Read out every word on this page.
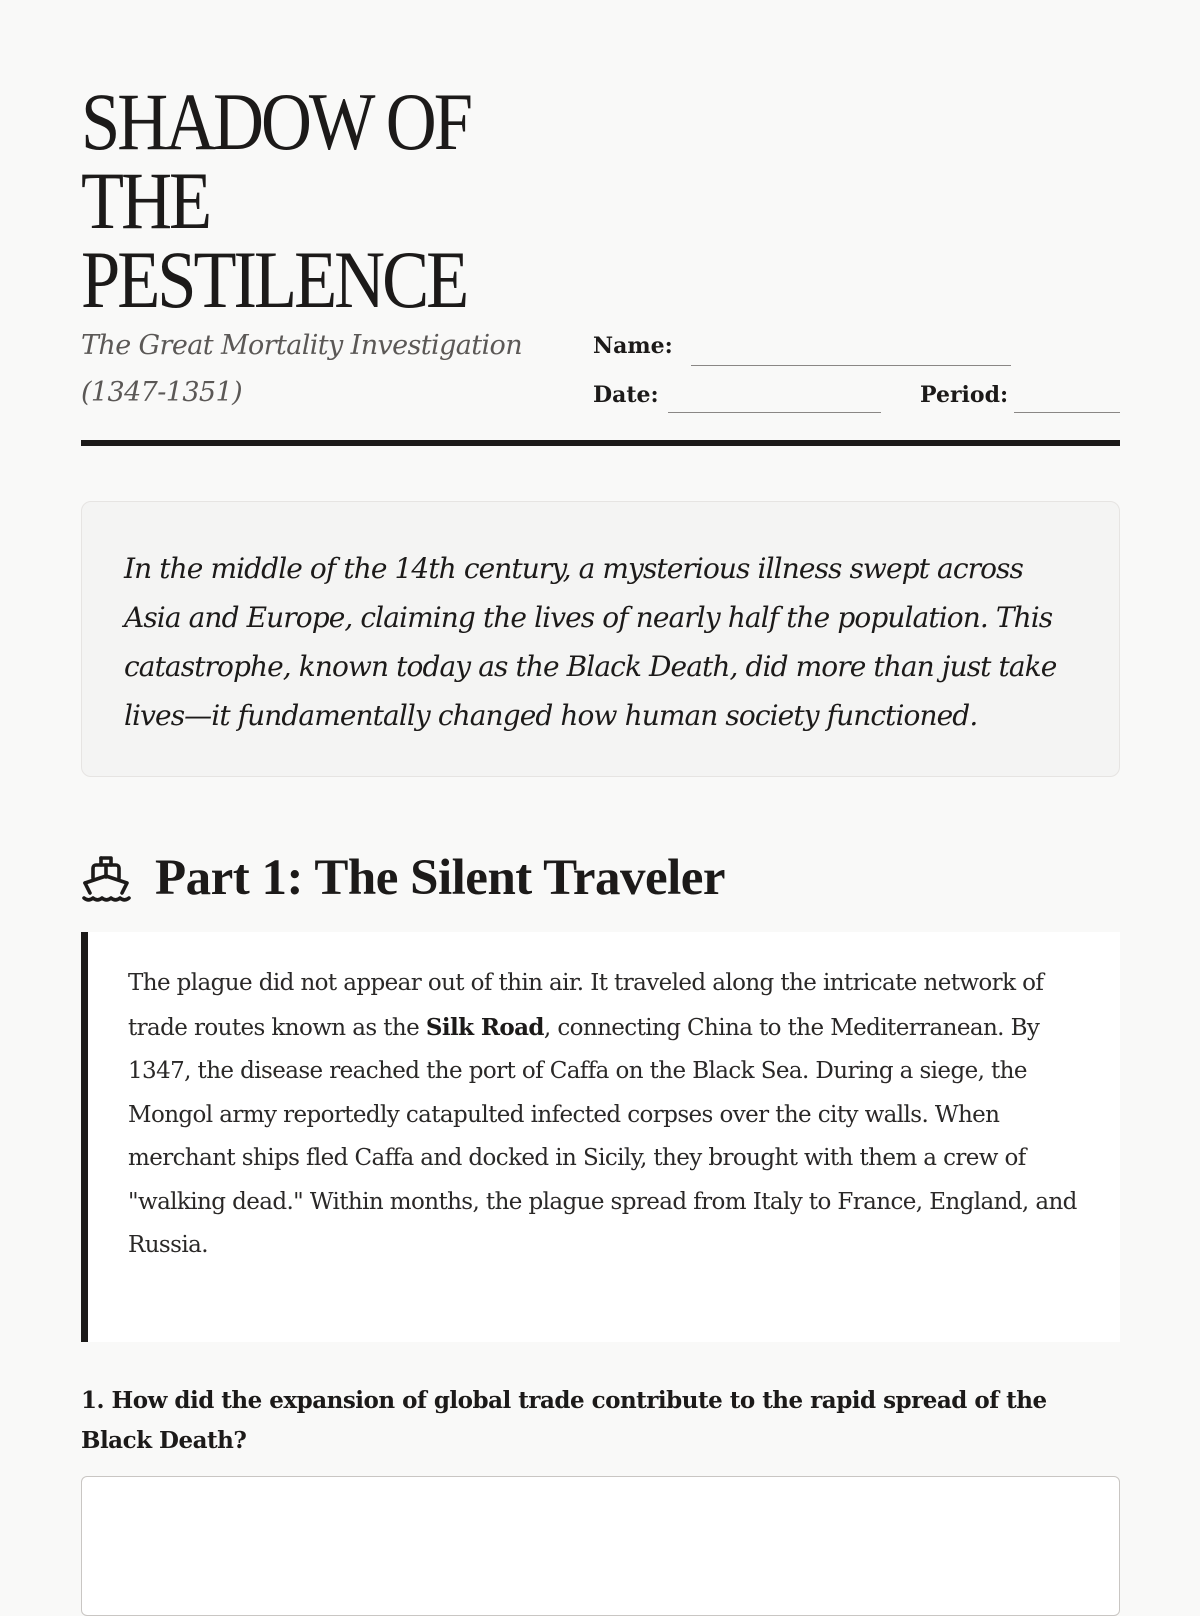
SHADOW OF
THE
PESTILENCE

The Great Mortality Investigation (1347-1351)

Name:
Date:	Period:

In the middle of the 14th century, a mysterious illness swept across Asia and Europe, claiming the lives of nearly half the population. This catastrophe, known today as the Black Death, did more than just take lives—it fundamentally changed how human society functioned.

Part 1: The Silent Traveler

The plague did not appear out of thin air. It traveled along the intricate network of trade routes known as the Silk Road, connecting China to the Mediterranean. By 1347, the disease reached the port of Caffa on the Black Sea. During a siege, the Mongol army reportedly catapulted infected corpses over the city walls. When merchant ships fled Caffa and docked in Sicily, they brought with them a crew of "walking dead." Within months, the plague spread from Italy to France, England, and Russia.

1. How did the expansion of global trade contribute to the rapid spread of the Black Death?
